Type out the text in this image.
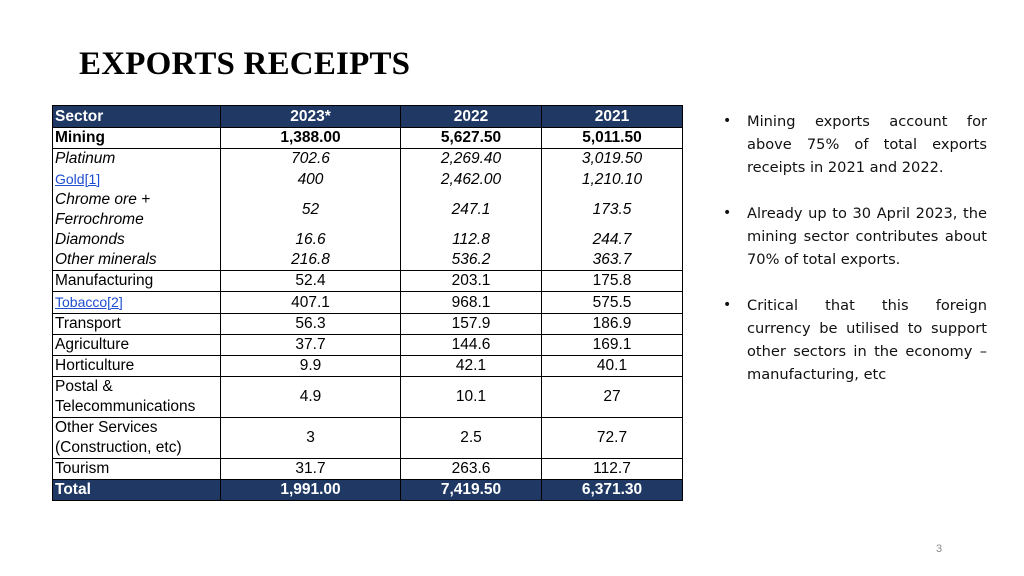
EXPORTS RECEIPTS
Sector	2023*	2022	2021
Mining	1,388.00	5,627.50	5,011.50
Platinum	702.6	2,269.40	3,019.50
Gold[1]	400	2,462.00	1,210.10
Chrome ore + Ferrochrome	52	247.1	173.5
Diamonds	16.6	112.8	244.7
Other minerals	216.8	536.2	363.7
Manufacturing	52.4	203.1	175.8
Tobacco[2]	407.1	968.1	575.5
Transport	56.3	157.9	186.9
Agriculture	37.7	144.6	169.1
Horticulture	9.9	42.1	40.1
Postal & Telecommunications	4.9	10.1	27
Other Services (Construction, etc)	3	2.5	72.7
Tourism	31.7	263.6	112.7
Total	1,991.00	7,419.50	6,371.30
• Mining exports account for above 75% of total exports receipts in 2021 and 2022.
• Already up to 30 April 2023, the mining sector contributes about 70% of total exports.
• Critical that this foreign currency be utilised to support other sectors in the economy – manufacturing, etc
3
